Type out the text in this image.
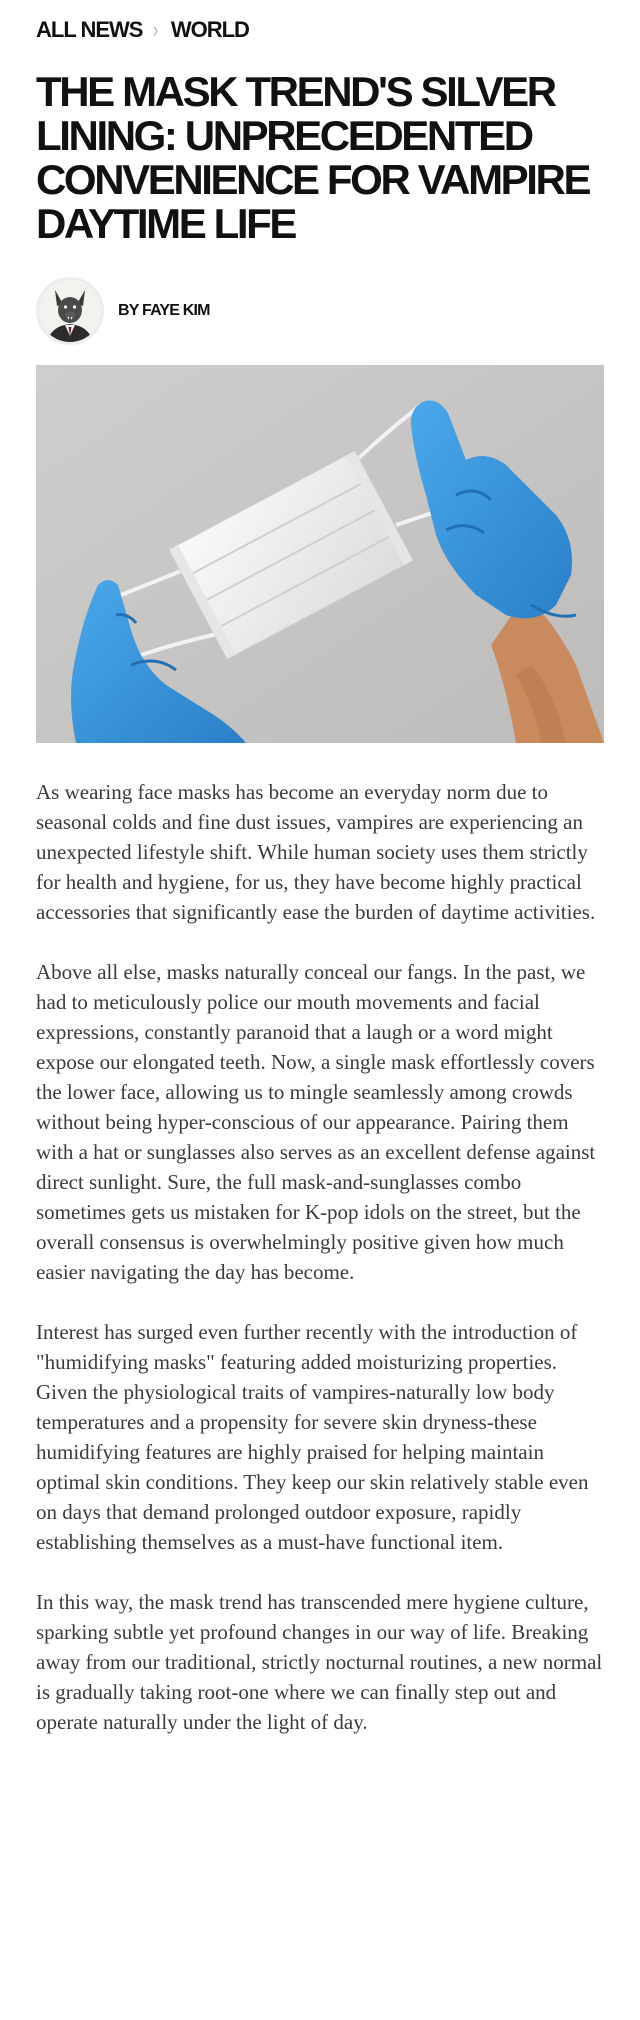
ALL NEWS › WORLD
THE MASK TREND'S SILVER LINING: UNPRECEDENTED CONVENIENCE FOR VAMPIRE DAYTIME LIFE
BY FAYE KIM

As wearing face masks has become an everyday norm due to seasonal colds and fine dust issues, vampires are experiencing an unexpected lifestyle shift. While human society uses them strictly for health and hygiene, for us, they have become highly practical accessories that significantly ease the burden of daytime activities.

Above all else, masks naturally conceal our fangs. In the past, we had to meticulously police our mouth movements and facial expressions, constantly paranoid that a laugh or a word might expose our elongated teeth. Now, a single mask effortlessly covers the lower face, allowing us to mingle seamlessly among crowds without being hyper-conscious of our appearance. Pairing them with a hat or sunglasses also serves as an excellent defense against direct sunlight. Sure, the full mask-and-sunglasses combo sometimes gets us mistaken for K-pop idols on the street, but the overall consensus is overwhelmingly positive given how much easier navigating the day has become.

Interest has surged even further recently with the introduction of "humidifying masks" featuring added moisturizing properties. Given the physiological traits of vampires-naturally low body temperatures and a propensity for severe skin dryness-these humidifying features are highly praised for helping maintain optimal skin conditions. They keep our skin relatively stable even on days that demand prolonged outdoor exposure, rapidly establishing themselves as a must-have functional item.

In this way, the mask trend has transcended mere hygiene culture, sparking subtle yet profound changes in our way of life. Breaking away from our traditional, strictly nocturnal routines, a new normal is gradually taking root-one where we can finally step out and operate naturally under the light of day.
